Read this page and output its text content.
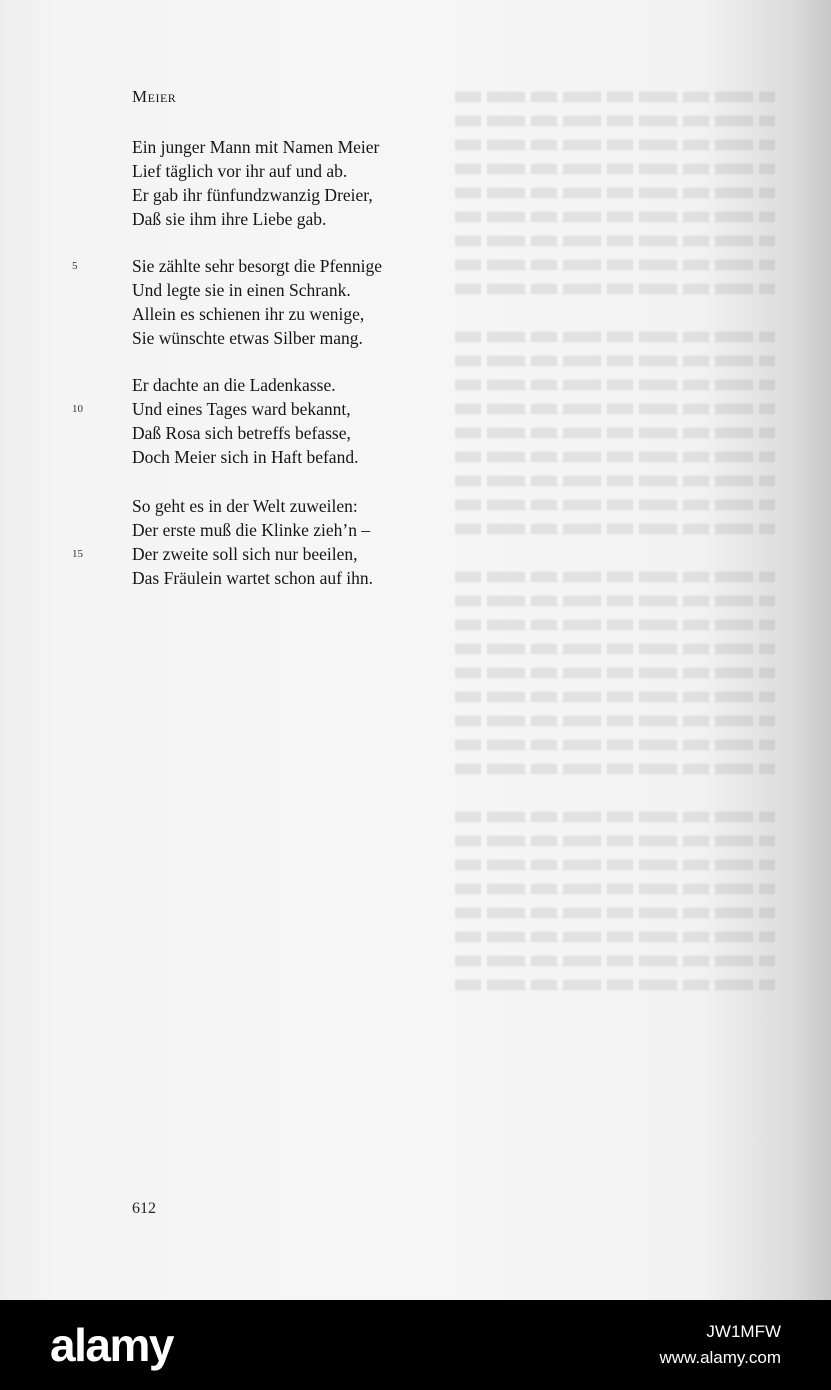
Meier
Ein junger Mann mit Namen Meier
Lief täglich vor ihr auf und ab.
Er gab ihr fünfundzwanzig Dreier,
Daß sie ihm ihre Liebe gab.
Sie zählte sehr besorgt die Pfennige
Und legte sie in einen Schrank.
Allein es schienen ihr zu wenige,
Sie wünschte etwas Silber mang.
Er dachte an die Ladenkasse.
Und eines Tages ward bekannt,
Daß Rosa sich betreffs befasse,
Doch Meier sich in Haft befand.
So geht es in der Welt zuweilen:
Der erste muß die Klinke zieh’n –
Der zweite soll sich nur beeilen,
Das Fräulein wartet schon auf ihn.
5
10
15
612
alamy	JW1MFW
www.alamy.com
